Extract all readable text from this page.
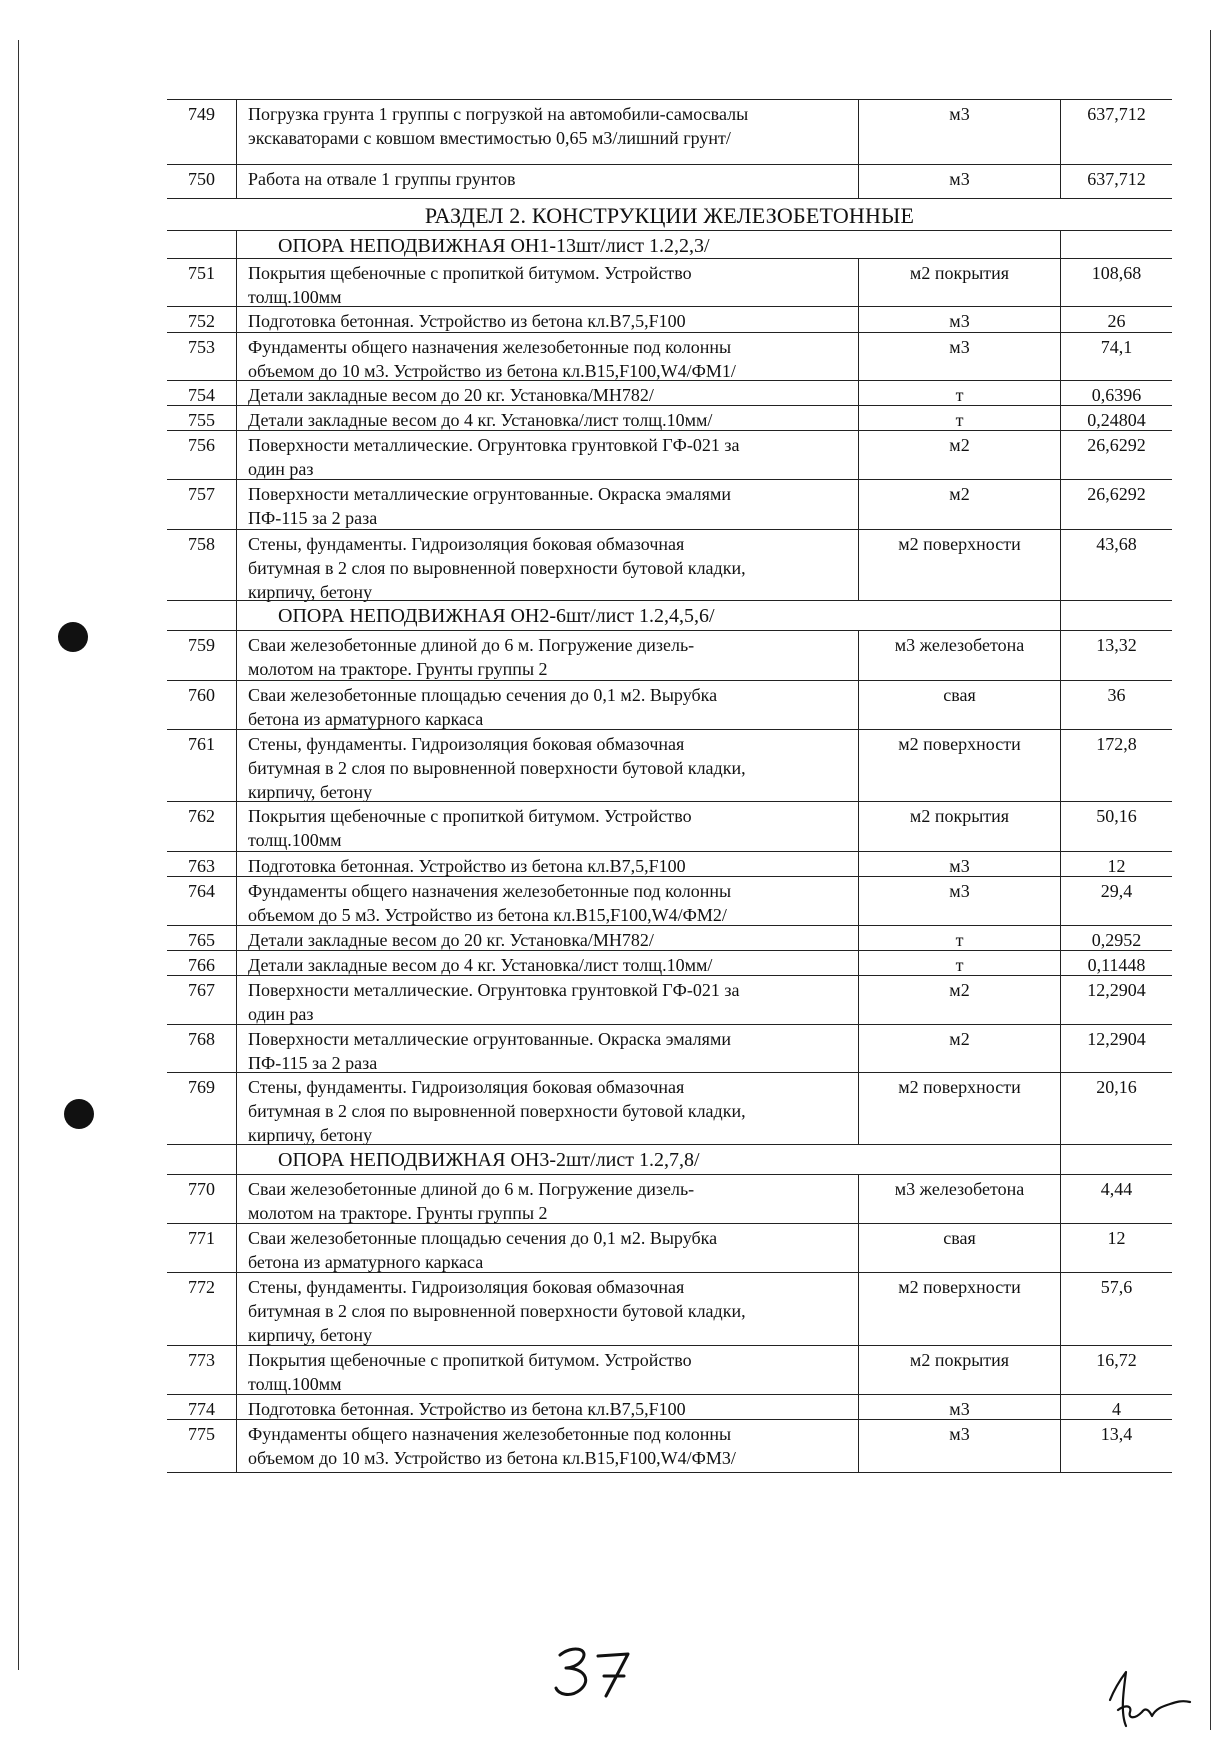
749	Погрузка грунта 1 группы с погрузкой на автомобили-самосвалы
экскаваторами с ковшом вместимостью 0,65 м3/лишний грунт/
м3	637,712
750	Работа на отвале 1 группы грунтов	м3	637,712
РАЗДЕЛ 2. КОНСТРУКЦИИ ЖЕЛЕЗОБЕТОННЫЕ
ОПОРА НЕПОДВИЖНАЯ ОН1-13шт/лист 1.2,2,3/
751	Покрытия щебеночные с пропиткой битумом. Устройство
толщ.100мм
м2 покрытия	108,68
752	Подготовка бетонная. Устройство из бетона кл.В7,5,F100	м3	26
753	Фундаменты общего назначения железобетонные под колонны
объемом до 10 м3. Устройство из бетона кл.В15,F100,W4/ФМ1/
м3	74,1
754	Детали закладные весом до 20 кг. Установка/МН782/	т	0,6396
755	Детали закладные весом до 4 кг. Установка/лист толщ.10мм/	т	0,24804
756	Поверхности металлические. Огрунтовка грунтовкой ГФ-021 за
один раз
м2	26,6292
757	Поверхности металлические огрунтованные. Окраска эмалями
ПФ-115 за 2 раза
м2	26,6292
758	Стены, фундаменты. Гидроизоляция боковая обмазочная
битумная в 2 слоя по выровненной поверхности бутовой кладки,
кирпичу, бетону
м2 поверхности	43,68
ОПОРА НЕПОДВИЖНАЯ ОН2-6шт/лист 1.2,4,5,6/
759	Сваи железобетонные длиной до 6 м. Погружение дизель-
молотом на тракторе. Грунты группы 2
м3 железобетона	13,32
760	Сваи железобетонные площадью сечения до 0,1 м2. Вырубка
бетона из арматурного каркаса
свая	36
761	Стены, фундаменты. Гидроизоляция боковая обмазочная
битумная в 2 слоя по выровненной поверхности бутовой кладки,
кирпичу, бетону
м2 поверхности	172,8
762	Покрытия щебеночные с пропиткой битумом. Устройство
толщ.100мм
м2 покрытия	50,16
763	Подготовка бетонная. Устройство из бетона кл.В7,5,F100	м3	12
764	Фундаменты общего назначения железобетонные под колонны
объемом до 5 м3. Устройство из бетона кл.В15,F100,W4/ФМ2/
м3	29,4
765	Детали закладные весом до 20 кг. Установка/МН782/	т	0,2952
766	Детали закладные весом до 4 кг. Установка/лист толщ.10мм/	т	0,11448
767	Поверхности металлические. Огрунтовка грунтовкой ГФ-021 за
один раз
м2	12,2904
768	Поверхности металлические огрунтованные. Окраска эмалями
ПФ-115 за 2 раза
м2	12,2904
769	Стены, фундаменты. Гидроизоляция боковая обмазочная
битумная в 2 слоя по выровненной поверхности бутовой кладки,
кирпичу, бетону
м2 поверхности	20,16
ОПОРА НЕПОДВИЖНАЯ ОН3-2шт/лист 1.2,7,8/
770	Сваи железобетонные длиной до 6 м. Погружение дизель-
молотом на тракторе. Грунты группы 2
м3 железобетона	4,44
771	Сваи железобетонные площадью сечения до 0,1 м2. Вырубка
бетона из арматурного каркаса
свая	12
772	Стены, фундаменты. Гидроизоляция боковая обмазочная
битумная в 2 слоя по выровненной поверхности бутовой кладки,
кирпичу, бетону
м2 поверхности	57,6
773	Покрытия щебеночные с пропиткой битумом. Устройство
толщ.100мм
м2 покрытия	16,72
774	Подготовка бетонная. Устройство из бетона кл.В7,5,F100	м3	4
775	Фундаменты общего назначения железобетонные под колонны
объемом до 10 м3. Устройство из бетона кл.В15,F100,W4/ФМ3/
м3	13,4
